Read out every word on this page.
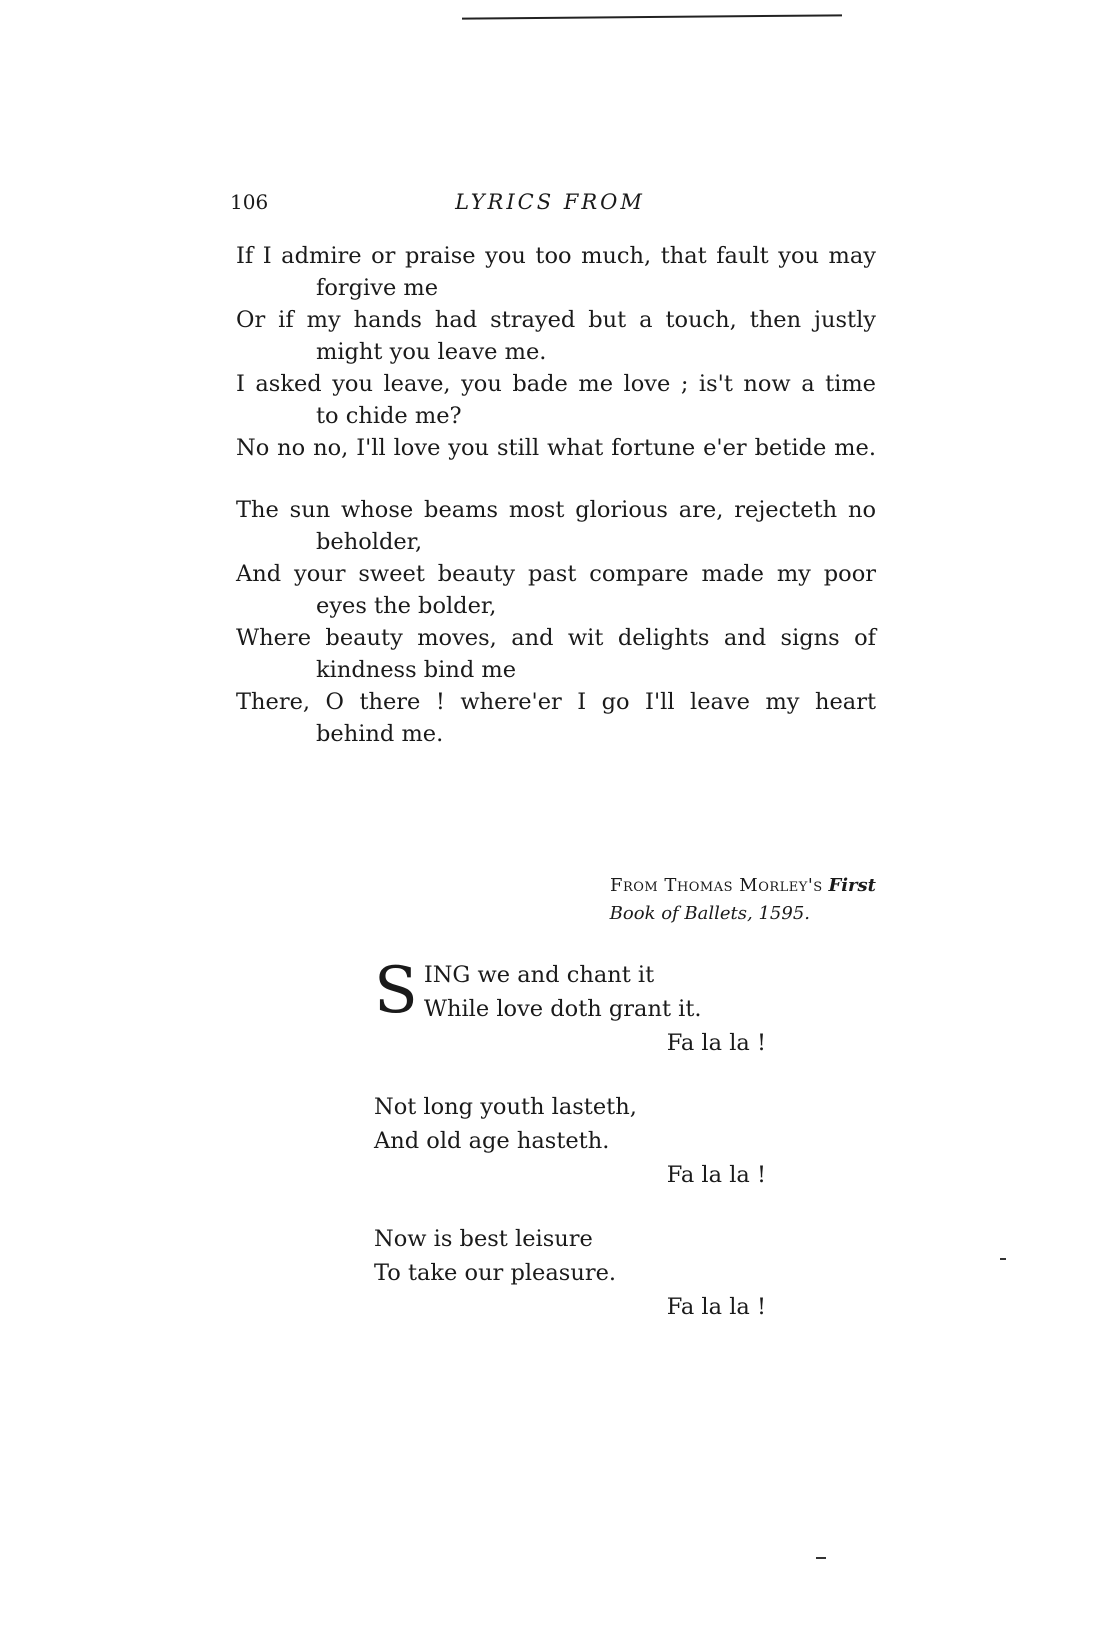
106	LYRICS FROM
If I admire or praise you too much, that fault you may
forgive me
Or if my hands had strayed but a touch, then justly
might you leave me.
I asked you leave, you bade me love ; is't now a time
to chide me?
No no no, I'll love you still what fortune e'er betide me.
The sun whose beams most glorious are, rejecteth no
beholder,
And your sweet beauty past compare made my poor
eyes the bolder,
Where beauty moves, and wit delights and signs of
kindness bind me
There, O there ! where'er I go I'll leave my heart
behind me.
From Thomas Morley's First
Book of Ballets, 1595.
S ING we and chant it
While love doth grant it.
Fa la la !
Not long youth lasteth,
And old age hasteth.
Fa la la !
Now is best leisure
To take our pleasure.
Fa la la !
